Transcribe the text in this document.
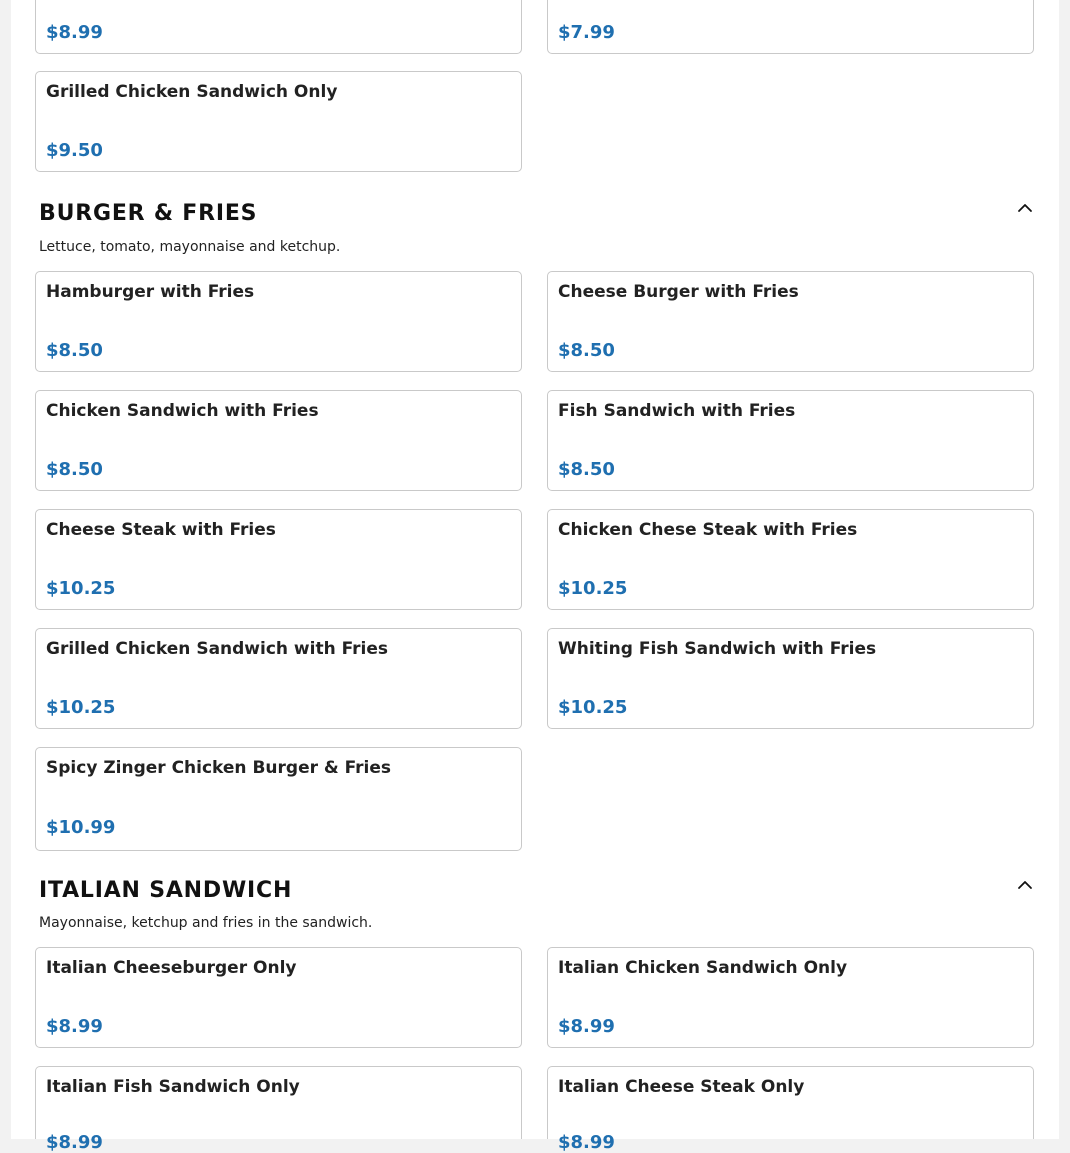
$8.99	$7.99
Grilled Chicken Sandwich Only
$9.50
BURGER & FRIES
Lettuce, tomato, mayonnaise and ketchup.
Hamburger with Fries
$8.50
Cheese Burger with Fries
$8.50
Chicken Sandwich with Fries
$8.50
Fish Sandwich with Fries
$8.50
Cheese Steak with Fries
$10.25
Chicken Chese Steak with Fries
$10.25
Grilled Chicken Sandwich with Fries
$10.25
Whiting Fish Sandwich with Fries
$10.25
Spicy Zinger Chicken Burger & Fries
$10.99
ITALIAN SANDWICH
Mayonnaise, ketchup and fries in the sandwich.
Italian Cheeseburger Only
$8.99
Italian Chicken Sandwich Only
$8.99
Italian Fish Sandwich Only
$8.99
Italian Cheese Steak Only
$8.99
